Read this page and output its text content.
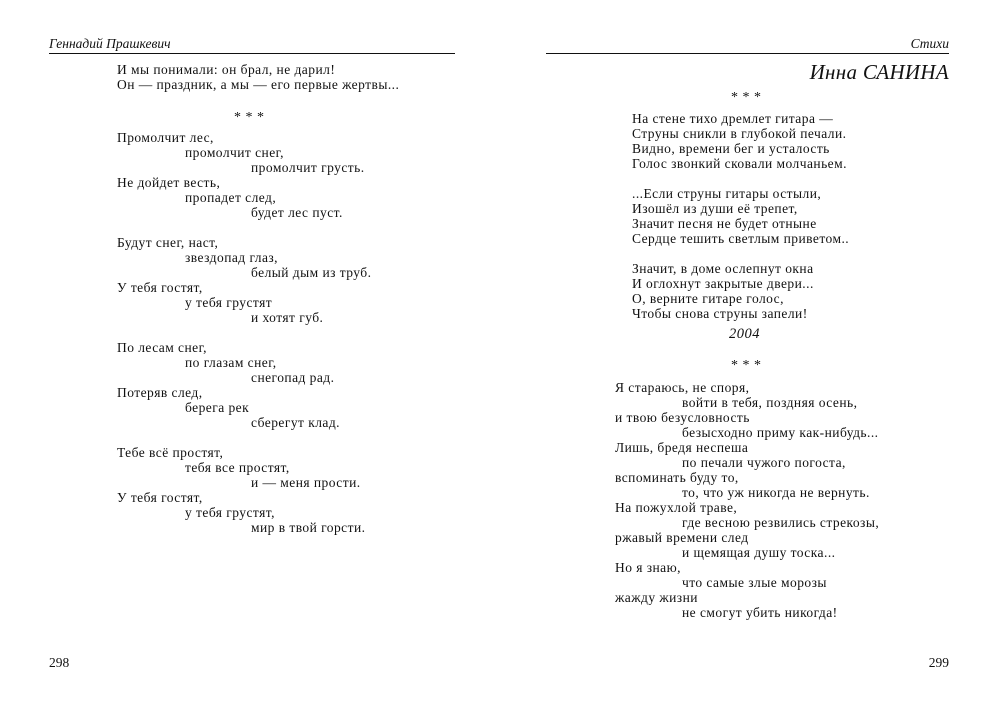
Геннадий Прашкевич
И мы понимали: он брал, не дарил!
Он — праздник, а мы — его первые жертвы...
* * *
Промолчит лес,
промолчит снег,
промолчит грусть.
Не дойдет весть,
пропадет след,
будет лес пуст.
Будут снег, наст,
звездопад глаз,
белый дым из труб.
У тебя гостят,
у тебя грустят
и хотят губ.
По лесам снег,
по глазам снег,
снегопад рад.
Потеряв след,
берега рек
сберегут клад.
Тебе всё простят,
тебя все простят,
и — меня прости.
У тебя гостят,
у тебя грустят,
мир в твой горсти.
298
Стихи
Инна САНИНА
* * *
На стене тихо дремлет гитара —
Струны сникли в глубокой печали.
Видно, времени бег и усталость
Голос звонкий сковали молчаньем.
...Если струны гитары остыли,
Изошёл из души её трепет,
Значит песня не будет отныне
Сердце тешить светлым приветом..
Значит, в доме ослепнут окна
И оглохнут закрытые двери...
О, верните гитаре голос,
Чтобы снова струны запели!
2004
* * *
Я стараюсь, не споря,
войти в тебя, поздняя осень,
и твою безусловность
безысходно приму как-нибудь...
Лишь, бредя неспеша
по печали чужого погоста,
вспоминать буду то,
то, что уж никогда не вернуть.
На пожухлой траве,
где весною резвились стрекозы,
ржавый времени след
и щемящая душу тоска...
Но я знаю,
что самые злые морозы
жажду жизни
не смогут убить никогда!
299
